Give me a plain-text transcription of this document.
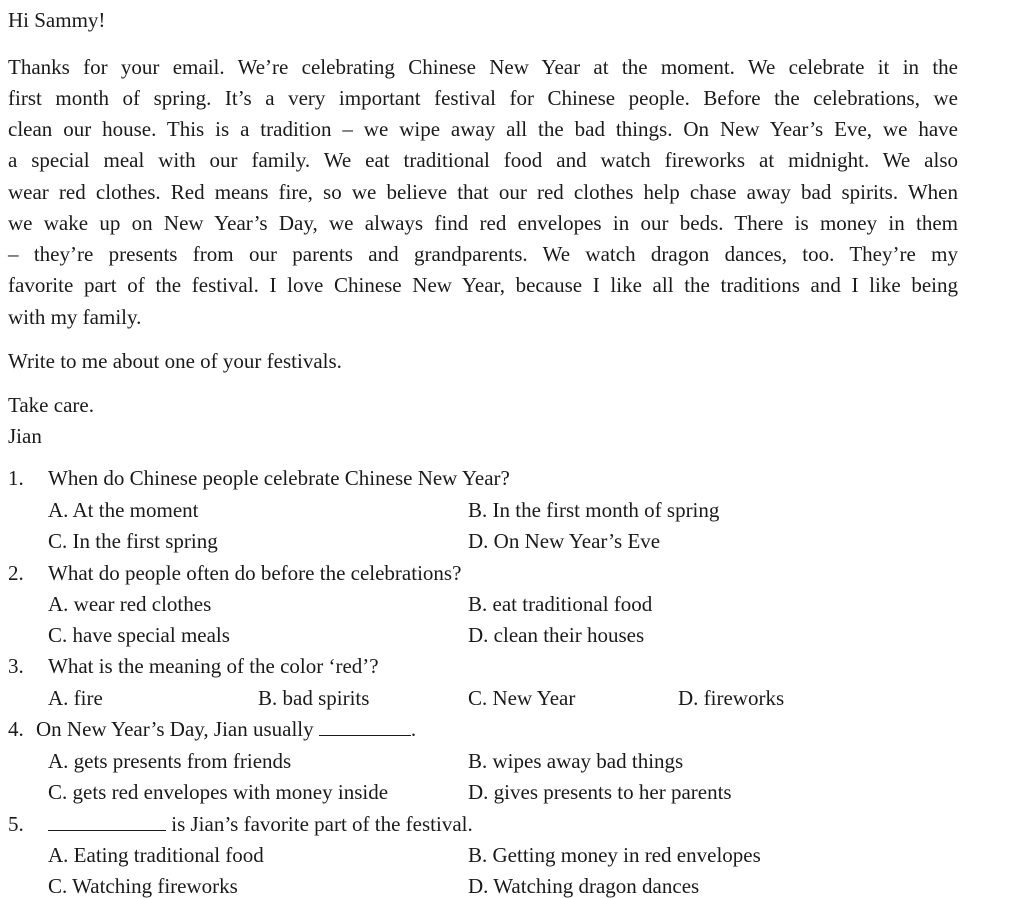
Hi Sammy!
Thanks for your email. We’re celebrating Chinese New Year at the moment. We celebrate it in the
first month of spring. It’s a very important festival for Chinese people. Before the celebrations, we
clean our house. This is a tradition – we wipe away all the bad things. On New Year’s Eve, we have
a special meal with our family. We eat traditional food and watch fireworks at midnight. We also
wear red clothes. Red means fire, so we believe that our red clothes help chase away bad spirits. When
we wake up on New Year’s Day, we always find red envelopes in our beds. There is money in them
– they’re presents from our parents and grandparents. We watch dragon dances, too. They’re my
favorite part of the festival. I love Chinese New Year, because I like all the traditions and I like being
with my family.
Write to me about one of your festivals.
Take care.
Jian
1. When do Chinese people celebrate Chinese New Year?
A. At the moment	B. In the first month of spring
C. In the first spring	D. On New Year’s Eve
2. What do people often do before the celebrations?
A. wear red clothes	B. eat traditional food
C. have special meals	D. clean their houses
3. What is the meaning of the color ‘red’?
A. fire	B. bad spirits	C. New Year	D. fireworks
4. On New Year’s Day, Jian usually	.
A. gets presents from friends	B. wipes away bad things
C. gets red envelopes with money inside	D. gives presents to her parents
5.	is Jian’s favorite part of the festival.
A. Eating traditional food	B. Getting money in red envelopes
C. Watching fireworks	D. Watching dragon dances
